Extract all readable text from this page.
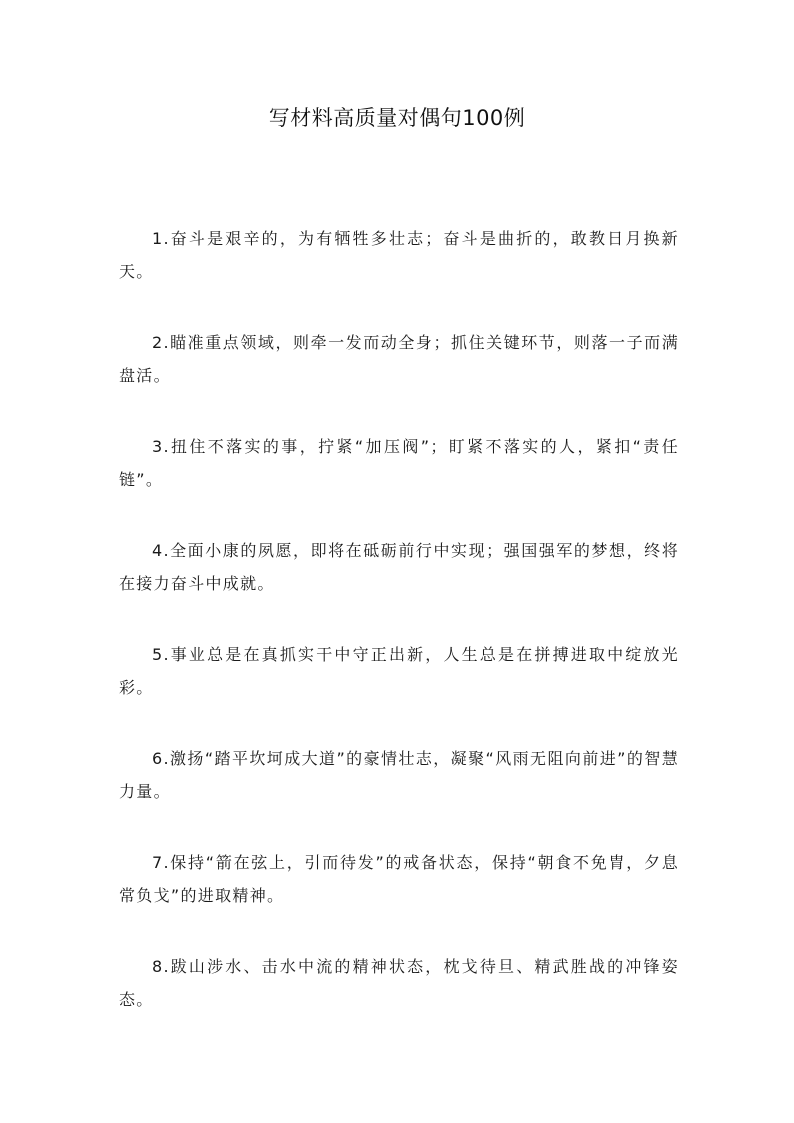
写材料高质量对偶句100例

1.奋斗是艰辛的，为有牺牲多壮志；奋斗是曲折的，敢教日月换新天。

2.瞄准重点领域，则牵一发而动全身；抓住关键环节，则落一子而满盘活。

3.扭住不落实的事，拧紧“加压阀”；盯紧不落实的人，紧扣“责任链”。

4.全面小康的夙愿，即将在砥砺前行中实现；强国强军的梦想，终将在接力奋斗中成就。

5.事业总是在真抓实干中守正出新，人生总是在拼搏进取中绽放光彩。

6.激扬“踏平坎坷成大道”的豪情壮志，凝聚“风雨无阻向前进”的智慧力量。

7.保持“箭在弦上，引而待发”的戒备状态，保持“朝食不免胄，夕息常负戈”的进取精神。

8.跋山涉水、击水中流的精神状态，枕戈待旦、精武胜战的冲锋姿态。
